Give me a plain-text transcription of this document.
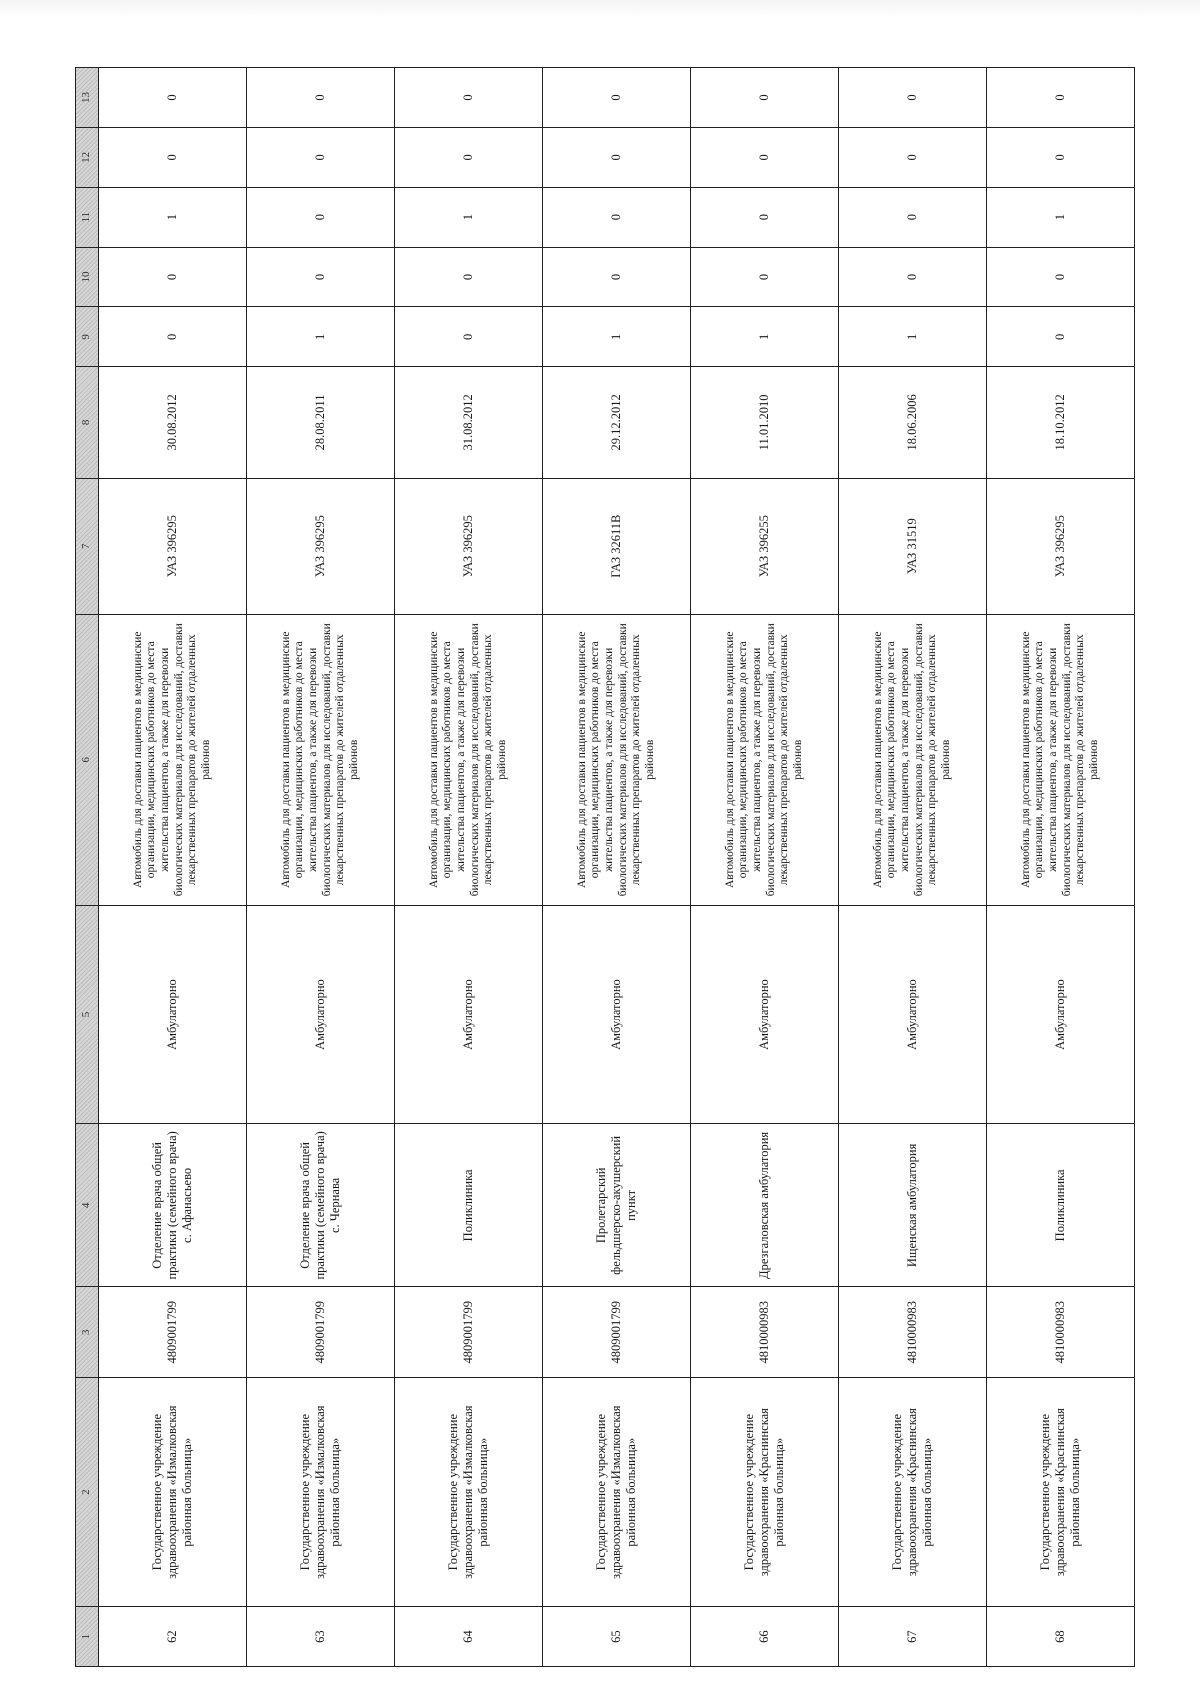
1	2	3	4	5	6	7	8	9	10	11	12	13
62	Государственное учреждение здравоохранения «Измалковская районная больница»	4809001799	Отделение врача общей практики (семейного врача) с. Афанасьево	Амбулаторно	Автомобиль для доставки пациентов в медицинские организации, медицинских работников до места жительства пациентов, а также для перевозки биологических материалов для исследований, доставки лекарственных препаратов до жителей отдаленных районов	УАЗ 396295	30.08.2012	0	0	1	0	0
63	Государственное учреждение здравоохранения «Измалковская районная больница»	4809001799	Отделение врача общей практики (семейного врача) с. Чернава	Амбулаторно	Автомобиль для доставки пациентов в медицинские организации, медицинских работников до места жительства пациентов, а также для перевозки биологических материалов для исследований, доставки лекарственных препаратов до жителей отдаленных районов	УАЗ 396295	28.08.2011	1	0	0	0	0
64	Государственное учреждение здравоохранения «Измалковская районная больница»	4809001799	Поликлиника	Амбулаторно	Автомобиль для доставки пациентов в медицинские организации, медицинских работников до места жительства пациентов, а также для перевозки биологических материалов для исследований, доставки лекарственных препаратов до жителей отдаленных районов	УАЗ 396295	31.08.2012	0	0	1	0	0
65	Государственное учреждение здравоохранения «Измалковская районная больница»	4809001799	Пролетарский фельдшерско-акушерский пункт	Амбулаторно	Автомобиль для доставки пациентов в медицинские организации, медицинских работников до места жительства пациентов, а также для перевозки биологических материалов для исследований, доставки лекарственных препаратов до жителей отдаленных районов	ГАЗ 32611В	29.12.2012	1	0	0	0	0
66	Государственное учреждение здравоохранения «Краснинская районная больница»	4810000983	Дрезгаловская амбулатория	Амбулаторно	Автомобиль для доставки пациентов в медицинские организации, медицинских работников до места жительства пациентов, а также для перевозки биологических материалов для исследований, доставки лекарственных препаратов до жителей отдаленных районов	УАЗ 396255	11.01.2010	1	0	0	0	0
67	Государственное учреждение здравоохранения «Краснинская районная больница»	4810000983	Ищенская амбулатория	Амбулаторно	Автомобиль для доставки пациентов в медицинские организации, медицинских работников до места жительства пациентов, а также для перевозки биологических материалов для исследований, доставки лекарственных препаратов до жителей отдаленных районов	УАЗ 31519	18.06.2006	1	0	0	0	0
68	Государственное учреждение здравоохранения «Краснинская районная больница»	4810000983	Поликлиника	Амбулаторно	Автомобиль для доставки пациентов в медицинские организации, медицинских работников до места жительства пациентов, а также для перевозки биологических материалов для исследований, доставки лекарственных препаратов до жителей отдаленных районов	УАЗ 396295	18.10.2012	0	0	1	0	0
